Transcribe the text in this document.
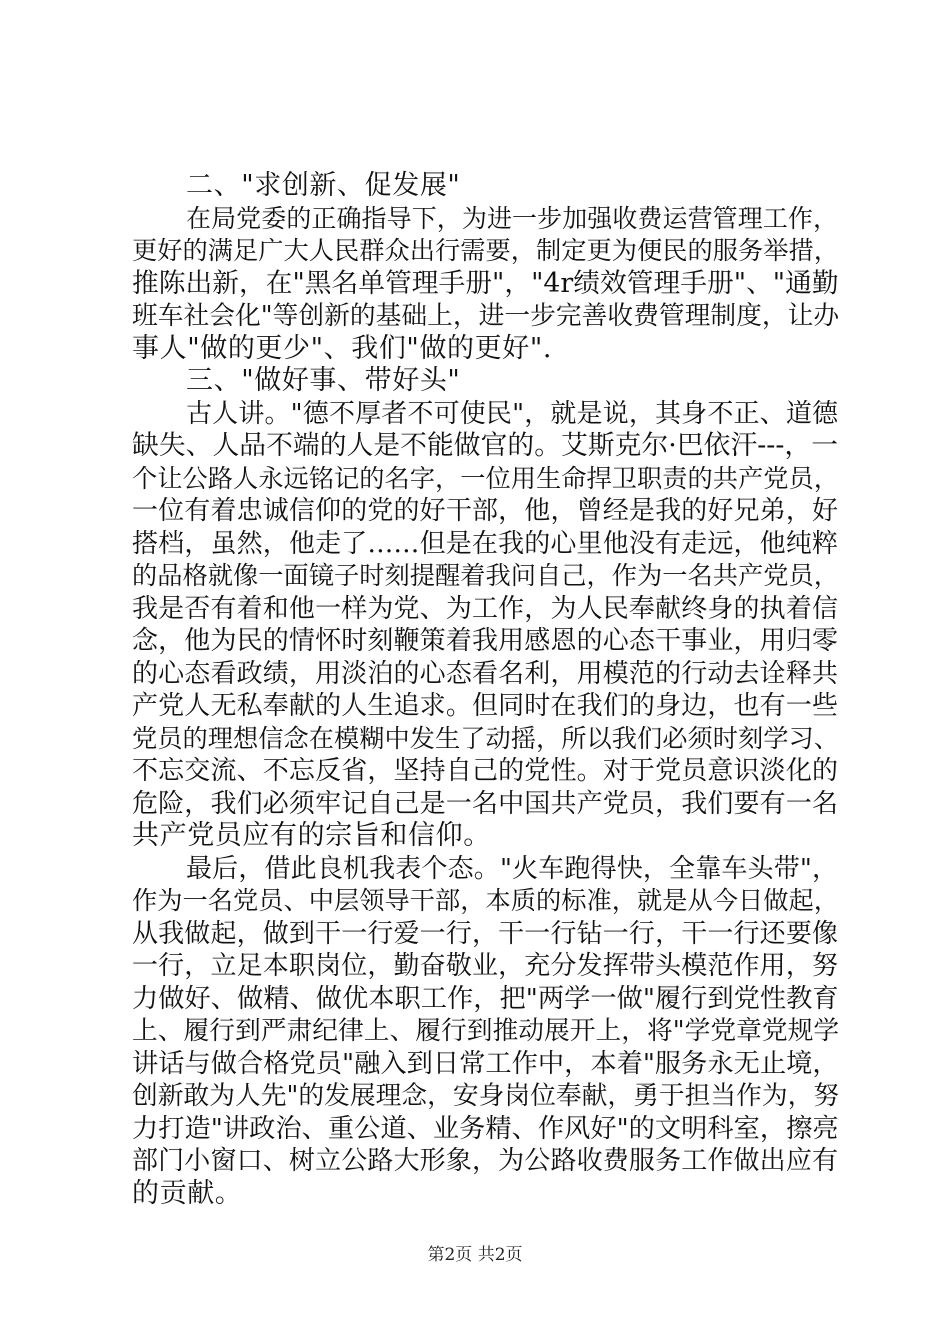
二、"求创新、促发展"
在局党委的正确指导下，为进一步加强收费运营管理工作，
更好的满足广大人民群众出行需要，制定更为便民的服务举措，
推陈出新，在"黑名单管理手册"，"4r绩效管理手册"、"通勤
班车社会化"等创新的基础上，进一步完善收费管理制度，让办
事人"做的更少"、我们"做的更好".
三、"做好事、带好头"
古人讲。"德不厚者不可使民"，就是说，其身不正、道德
缺失、人品不端的人是不能做官的。艾斯克尔·巴依汗---，一
个让公路人永远铭记的名字，一位用生命捍卫职责的共产党员，
一位有着忠诚信仰的党的好干部，他，曾经是我的好兄弟，好
搭档，虽然，他走了……但是在我的心里他没有走远，他纯粹
的品格就像一面镜子时刻提醒着我问自己，作为一名共产党员，
我是否有着和他一样为党、为工作，为人民奉献终身的执着信
念，他为民的情怀时刻鞭策着我用感恩的心态干事业，用归零
的心态看政绩，用淡泊的心态看名利，用模范的行动去诠释共
产党人无私奉献的人生追求。但同时在我们的身边，也有一些
党员的理想信念在模糊中发生了动摇，所以我们必须时刻学习、
不忘交流、不忘反省，坚持自己的党性。对于党员意识淡化的
危险，我们必须牢记自己是一名中国共产党员，我们要有一名
共产党员应有的宗旨和信仰。
最后，借此良机我表个态。"火车跑得快，全靠车头带"，
作为一名党员、中层领导干部，本质的标准，就是从今日做起，
从我做起，做到干一行爱一行，干一行钻一行，干一行还要像
一行，立足本职岗位，勤奋敬业，充分发挥带头模范作用，努
力做好、做精、做优本职工作，把"两学一做"履行到党性教育
上、履行到严肃纪律上、履行到推动展开上，将"学党章党规学
讲话与做合格党员"融入到日常工作中，本着"服务永无止境，
创新敢为人先"的发展理念，安身岗位奉献，勇于担当作为，努
力打造"讲政治、重公道、业务精、作风好"的文明科室，擦亮
部门小窗口、树立公路大形象，为公路收费服务工作做出应有
的贡献。
第2页 共2页
